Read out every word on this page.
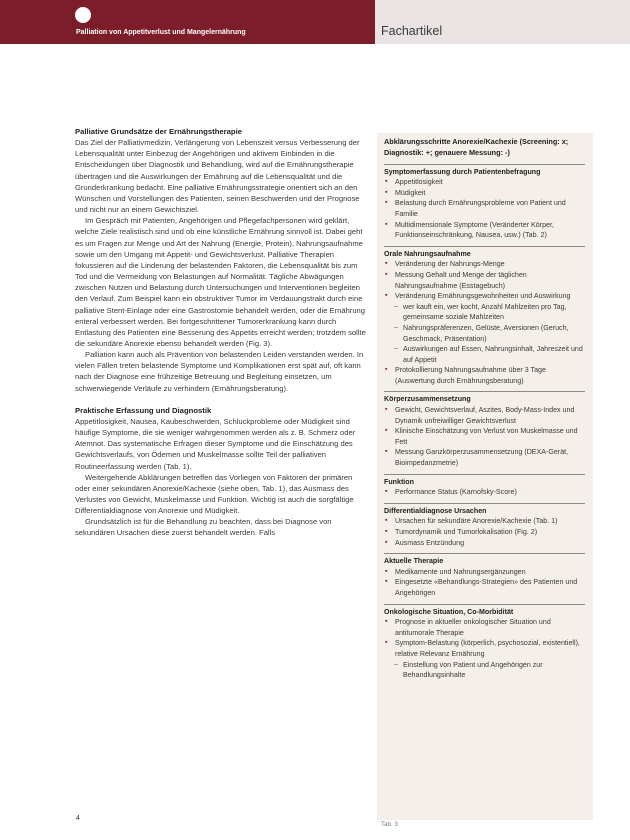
Palliation von Appetitverlust und Mangelernährung	Fachartikel
Palliative Grundsätze der Ernährungstherapie

Das Ziel der Palliativmedizin, Verlängerung von Lebenszeit versus Verbesserung der Lebensqualität unter Einbezug der Angehörigen und aktivem Einbinden in die Entscheidungen über Diagnostik und Behandlung, wird auf die Ernährungstherapie übertragen und die Auswirkungen der Ernährung auf die Lebensqualität und die Grunderkrankung bedacht. Eine palliative Ernährungsstrategie orientiert sich an den Wünschen und Vorstellungen des Patienten, seinen Beschwerden und der Prognose und nicht nur an einem Gewichtsziel.

Im Gespräch mit Patienten, Angehörigen und Pflegefachpersonen wird geklärt, welche Ziele realistisch sind und ob eine künstliche Ernährung sinnvoll ist. Dabei geht es um Fragen zur Menge und Art der Nahrung (Energie, Protein), Nahrungsaufnahme sowie um den Umgang mit Appetit- und Gewichtsverlust. Palliative Therapien fokussieren auf die Linderung der belastenden Faktoren, die Lebensqualität bis zum Tod und die Vermeidung von Belastungen auf Normalität. Tägliche Abwägungen zwischen Nutzen und Belastung durch Untersuchungen und Interventionen begleiten den Verlauf. Zum Beispiel kann ein obstruktiver Tumor im Verdauungstrakt durch eine palliative Stent-Einlage oder eine Gastrostomie behandelt werden, oder die Ernährung enteral verbessert werden. Bei fortgeschrittener Tumorerkrankung kann durch Entlastung des Patienten eine Besserung des Appetits erreicht werden; trotzdem sollte die sekundäre Anorexie ebenso behandelt werden (Fig. 3).

Palliation kann auch als Prävention von belastenden Leiden verstanden werden. In vielen Fällen treten belastende Symptome und Komplikationen erst spät auf, oft kann nach der Diagnose eine frühzeitige Betreuung und Begleitung einsetzen, um schwerwiegende Verläufe zu verhindern (Ernährungsberatung).

Praktische Erfassung und Diagnostik

Appetitlosigkeit, Nausea, Kaubeschwerden, Schluckprobleme oder Müdigkeit sind häufige Symptome, die sie weniger wahrgenommen werden als z. B. Schmerz oder Atemnot. Das systematische Erfragen dieser Symptome und die Einschätzung des Gewichtsverlaufs, von Ödemen und Muskelmasse sollte Teil der palliativen Routineerfassung werden (Tab. 1).

Weitergehende Abklärungen betreffen das Vorliegen von Faktoren der primären oder einer sekundären Anorexie/Kachexie (siehe oben, Tab. 1), das Ausmass des Verlustes von Gewicht, Muskelmasse und Funktion. Wichtig ist auch die sorgfältige Differentialdiagnose von Anorexie und Müdigkeit.

Grundsätzlich ist für die Behandlung zu beachten, dass bei Diagnose von sekundären Ursachen diese zuerst behandelt werden. Falls

Abklärungsschritte Anorexie/Kachexie (Screening: x; Diagnostik: +; genauere Messung: -)
Symptomerfassung durch Patientenbefragung
▪ Appetitlosigkeit
▪ Müdigkeit
▪ Belastung durch Ernährungsprobleme von Patient und Familie
▪ Multidimensionale Symptome (Veränderter Körper, Funktionseinschränkung, Nausea, usw.) (Tab. 2)
Orale Nahrungsaufnahme
▪ Veränderung der Nahrungs-Menge
▪ Messung Gehalt und Menge der täglichen Nahrungsaufnahme (Esstagebuch)
▪ Veränderung Ernährungsgewohnheiten und Auswirkung
– wer kauft ein, wer kocht, Anzahl Mahlzeiten pro Tag, gemeinsame soziale Mahlzeiten
– Nahrungspräferenzen, Gelüste, Aversionen (Geruch, Geschmack, Präsentation)
– Auswirkungen auf Essen, Nahrungsinhalt, Jahreszeit und auf Appetit
▪ Protokollierung Nahrungsaufnahme über 3 Tage (Auswertung durch Ernährungsberatung)
Körperzusammensetzung
▪ Gewicht, Gewichtsverlauf, Aszites, Body-Mass-Index und Dynamik unfreiwilliger Gewichtsverlust
▪ Klinische Einschätzung von Verlust von Muskelmasse und Fett
▪ Messung Ganzkörperzusammensetzung (DEXA-Gerät, Bioimpedanzmetrie)
Funktion
▪ Performance Status (Karnofsky-Score)
Differentialdiagnose Ursachen
▪ Ursachen für sekundäre Anorexie/Kachexie (Tab. 1)
▪ Tumordynamik und Tumorlokalisation (Fig. 2)
▪ Ausmass Entzündung
Aktuelle Therapie
▪ Medikamente und Nahrungsergänzungen
▪ Eingesetzte «Behandlungs-Strategien» des Patienten und Angehörigen
Onkologische Situation, Co-Morbidität
▪ Prognose in aktueller onkologischer Situation und antitumorale Therapie
▪ Symptom-Belastung (körperlich, psychosozial, existentiell), relative Relevanz Ernährung
– Einstellung von Patient und Angehörigen zur Behandlungsinhalte
Tab. 3
4
